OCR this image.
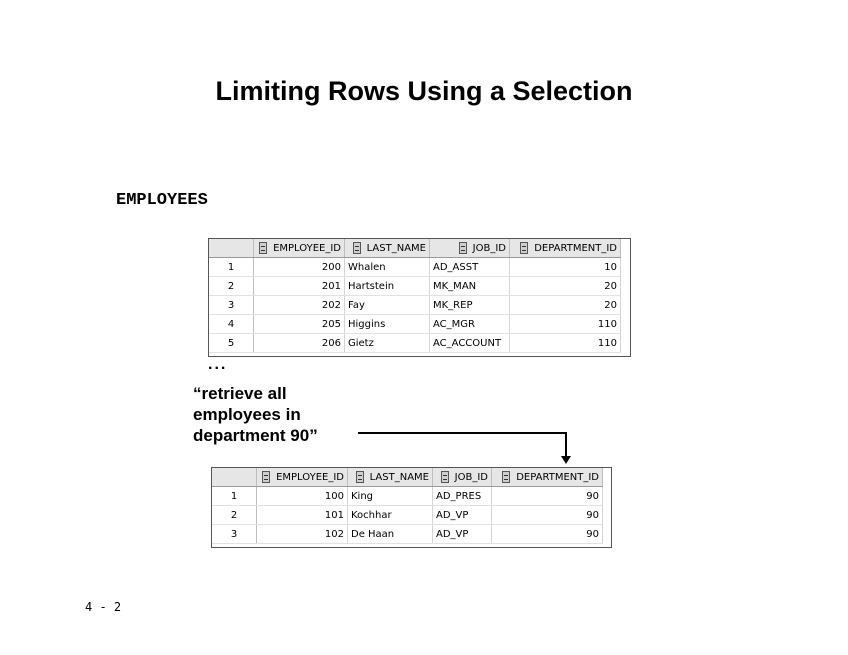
Limiting Rows Using a Selection
EMPLOYEES
	EMPLOYEE_ID	LAST_NAME	JOB_ID	DEPARTMENT_ID
1	200	Whalen	AD_ASST	10
2	201	Hartstein	MK_MAN	20
3	202	Fay	MK_REP	20
4	205	Higgins	AC_MGR	110
5	206	Gietz	AC_ACCOUNT	110
...
“retrieve all
employees in
department 90”
	EMPLOYEE_ID	LAST_NAME	JOB_ID	DEPARTMENT_ID
1	100	King	AD_PRES	90
2	101	Kochhar	AD_VP	90
3	102	De Haan	AD_VP	90
4 - 2
